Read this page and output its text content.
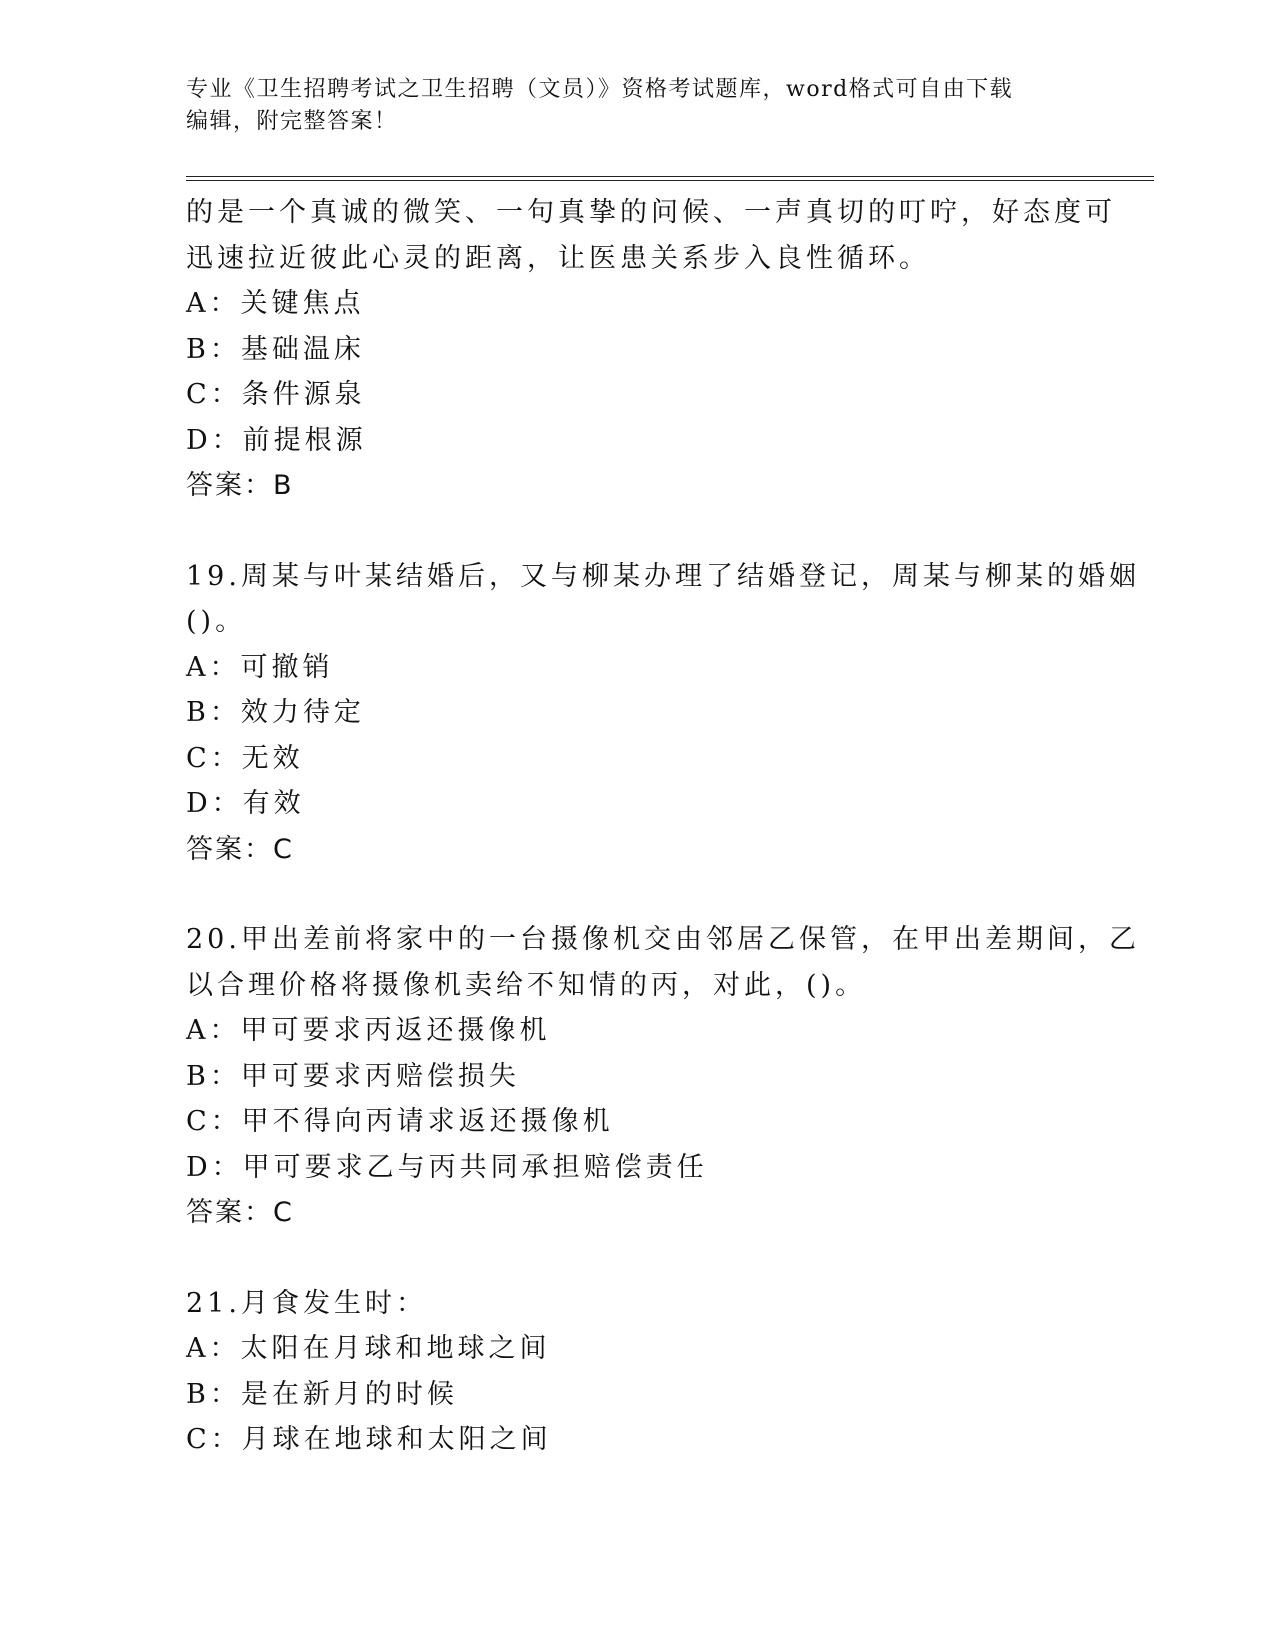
专业《卫生招聘考试之卫生招聘（文员）》资格考试题库，word格式可自由下载
编辑，附完整答案！
的是一个真诚的微笑、一句真挚的问候、一声真切的叮咛，好态度可
迅速拉近彼此心灵的距离，让医患关系步入良性循环。
A：关键焦点
B：基础温床
C：条件源泉
D：前提根源
答案：B
19.周某与叶某结婚后，又与柳某办理了结婚登记，周某与柳某的婚姻
()。
A：可撤销
B：效力待定
C：无效
D：有效
答案：C
20.甲出差前将家中的一台摄像机交由邻居乙保管，在甲出差期间，乙
以合理价格将摄像机卖给不知情的丙，对此，()。
A：甲可要求丙返还摄像机
B：甲可要求丙赔偿损失
C：甲不得向丙请求返还摄像机
D：甲可要求乙与丙共同承担赔偿责任
答案：C
21.月食发生时：
A：太阳在月球和地球之间
B：是在新月的时候
C：月球在地球和太阳之间
